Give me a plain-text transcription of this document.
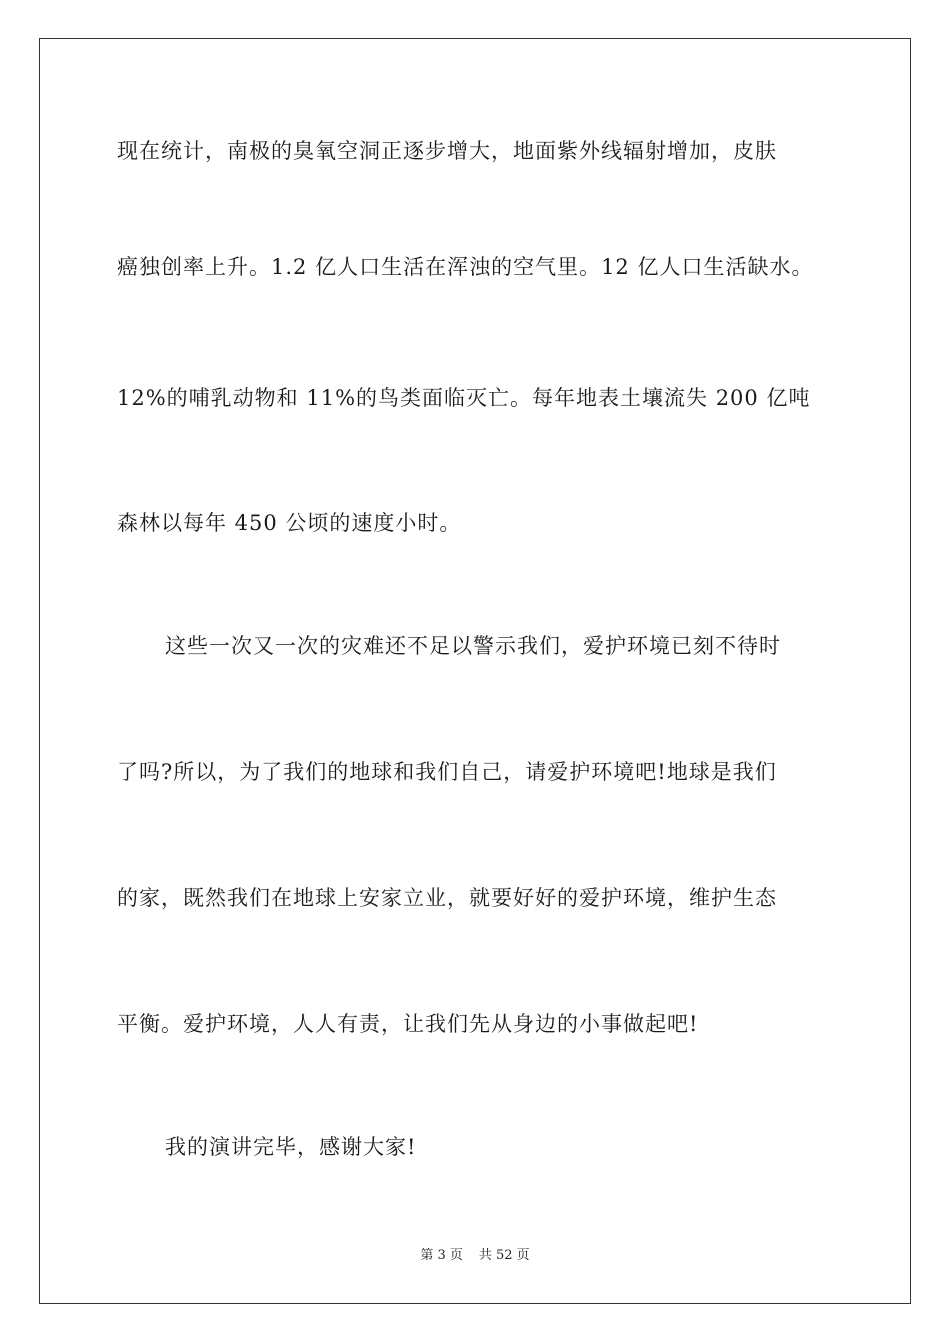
现在统计，南极的臭氧空洞正逐步增大，地面紫外线辐射增加，皮肤
癌独创率上升。1.2 亿人口生活在浑浊的空气里。12 亿人口生活缺水。
12%的哺乳动物和 11%的鸟类面临灭亡。每年地表土壤流失 200 亿吨
森林以每年 450 公顷的速度小时。
这些一次又一次的灾难还不足以警示我们，爱护环境已刻不待时
了吗?所以，为了我们的地球和我们自己，请爱护环境吧!地球是我们
的家，既然我们在地球上安家立业，就要好好的爱护环境，维护生态
平衡。爱护环境，人人有责，让我们先从身边的小事做起吧!
我的演讲完毕，感谢大家!
第 3 页 共 52 页
